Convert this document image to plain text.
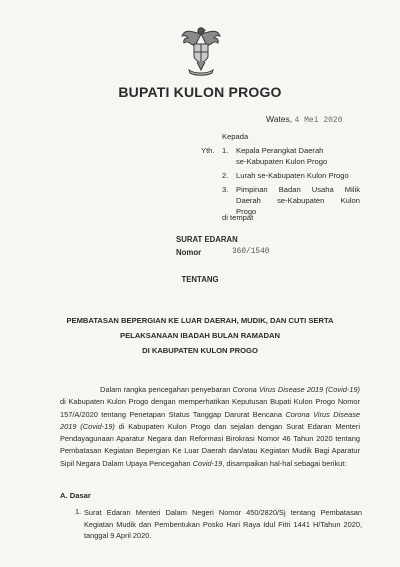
BUPATI KULON PROGO
Wates, 4 Mei 2020
Kepada
Yth. 1. Kepala Perangkat Daerah
se-Kabupaten Kulon Progo
2. Lurah se-Kabupaten Kulon Progo
3. Pimpinan Badan Usaha Milik
Daerah se-Kabupaten Kulon
Progo
di tempat
SURAT EDARAN
Nomor	360/1540
TENTANG
PEMBATASAN BEPERGIAN KE LUAR DAERAH, MUDIK, DAN CUTI SERTA
PELAKSANAAN IBADAH BULAN RAMADAN
DI KABUPATEN KULON PROGO

Dalam rangka pencegahan penyebaran Corona Virus Disease 2019 (Covid-19) di Kabupaten Kulon Progo dengan memperhatikan Keputusan Bupati Kulon Progo Nomor 157/A/2020 tentang Penetapan Status Tanggap Darurat Bencana Corona Virus Disease 2019 (Covid-19) di Kabupaten Kulon Progo dan sejalan dengan Surat Edaran Menteri Pendayagunaan Aparatur Negara dan Reformasi Birokrasi Nomor 46 Tahun 2020 tentang Pembatasan Kegiatan Bepergian Ke Luar Daerah dan/atau Kegiatan Mudik Bagi Aparatur Sipil Negara Dalam Upaya Pencegahan Covid-19, disampaikan hal-hal sebagai berikut:

A. Dasar
1. Surat Edaran Menteri Dalam Negeri Nomor 450/2820/Sj tentang Pembatasan Kegiatan Mudik dan Pembentukan Posko Hari Raya Idul Fitri 1441 H/Tahun 2020, tanggal 9 April 2020.
